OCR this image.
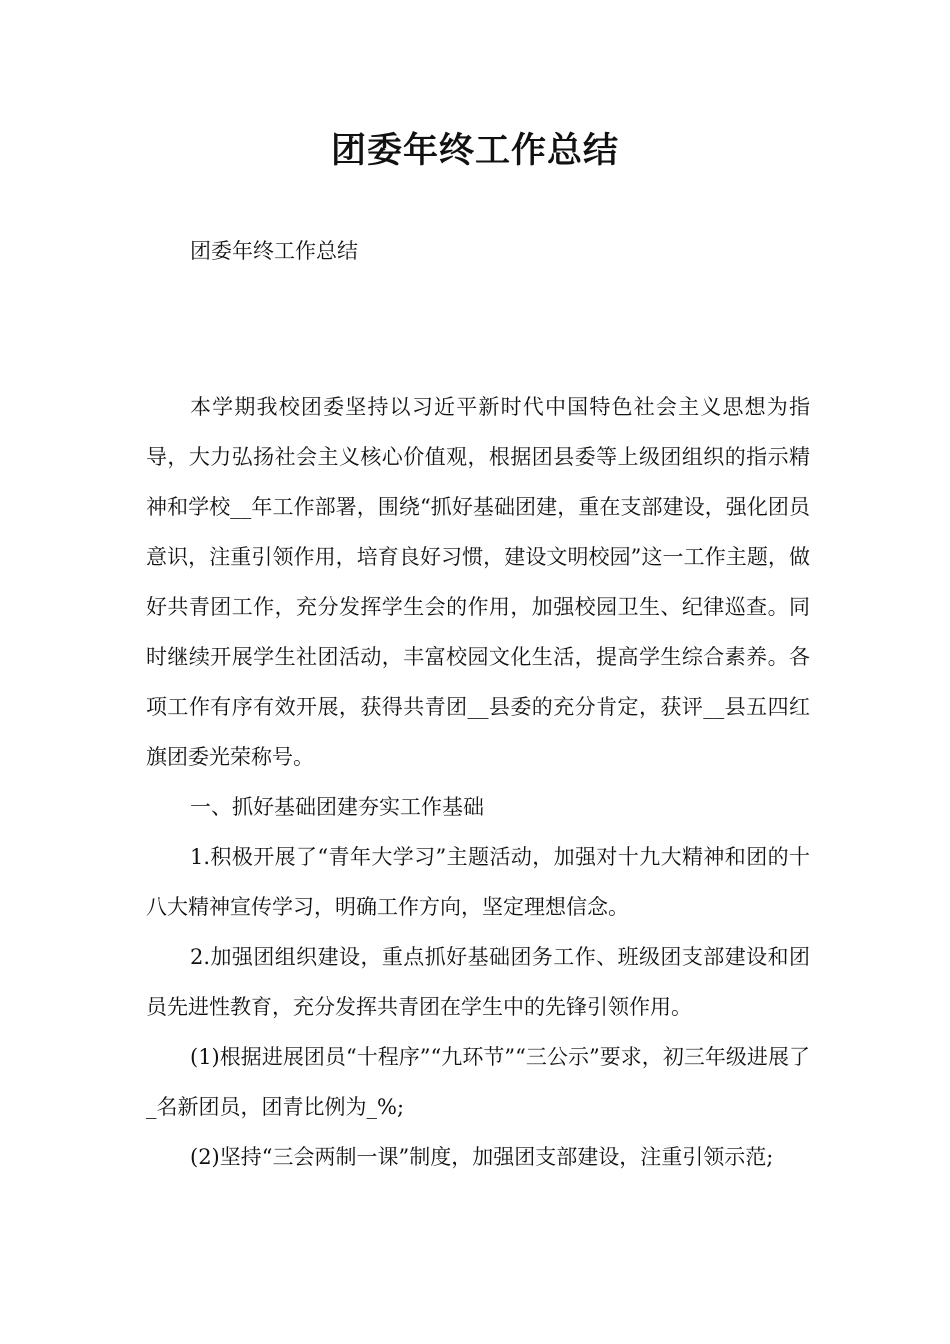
团委年终工作总结

团委年终工作总结

本学期我校团委坚持以习近平新时代中国特色社会主义思想为指导，大力弘扬社会主义核心价值观，根据团县委等上级团组织的指示精神和学校__年工作部署，围绕“抓好基础团建，重在支部建设，强化团员意识，注重引领作用，培育良好习惯，建设文明校园”这一工作主题，做好共青团工作，充分发挥学生会的作用，加强校园卫生、纪律巡查。同时继续开展学生社团活动，丰富校园文化生活，提高学生综合素养。各项工作有序有效开展，获得共青团__县委的充分肯定，获评__县五四红旗团委光荣称号。

一、抓好基础团建夯实工作基础

1.积极开展了“青年大学习”主题活动，加强对十九大精神和团的十八大精神宣传学习，明确工作方向，坚定理想信念。

2.加强团组织建设，重点抓好基础团务工作、班级团支部建设和团员先进性教育，充分发挥共青团在学生中的先锋引领作用。

(1)根据进展团员“十程序”“九环节”“三公示”要求，初三年级进展了_名新团员，团青比例为_%;

(2)坚持“三会两制一课”制度，加强团支部建设，注重引领示范;
